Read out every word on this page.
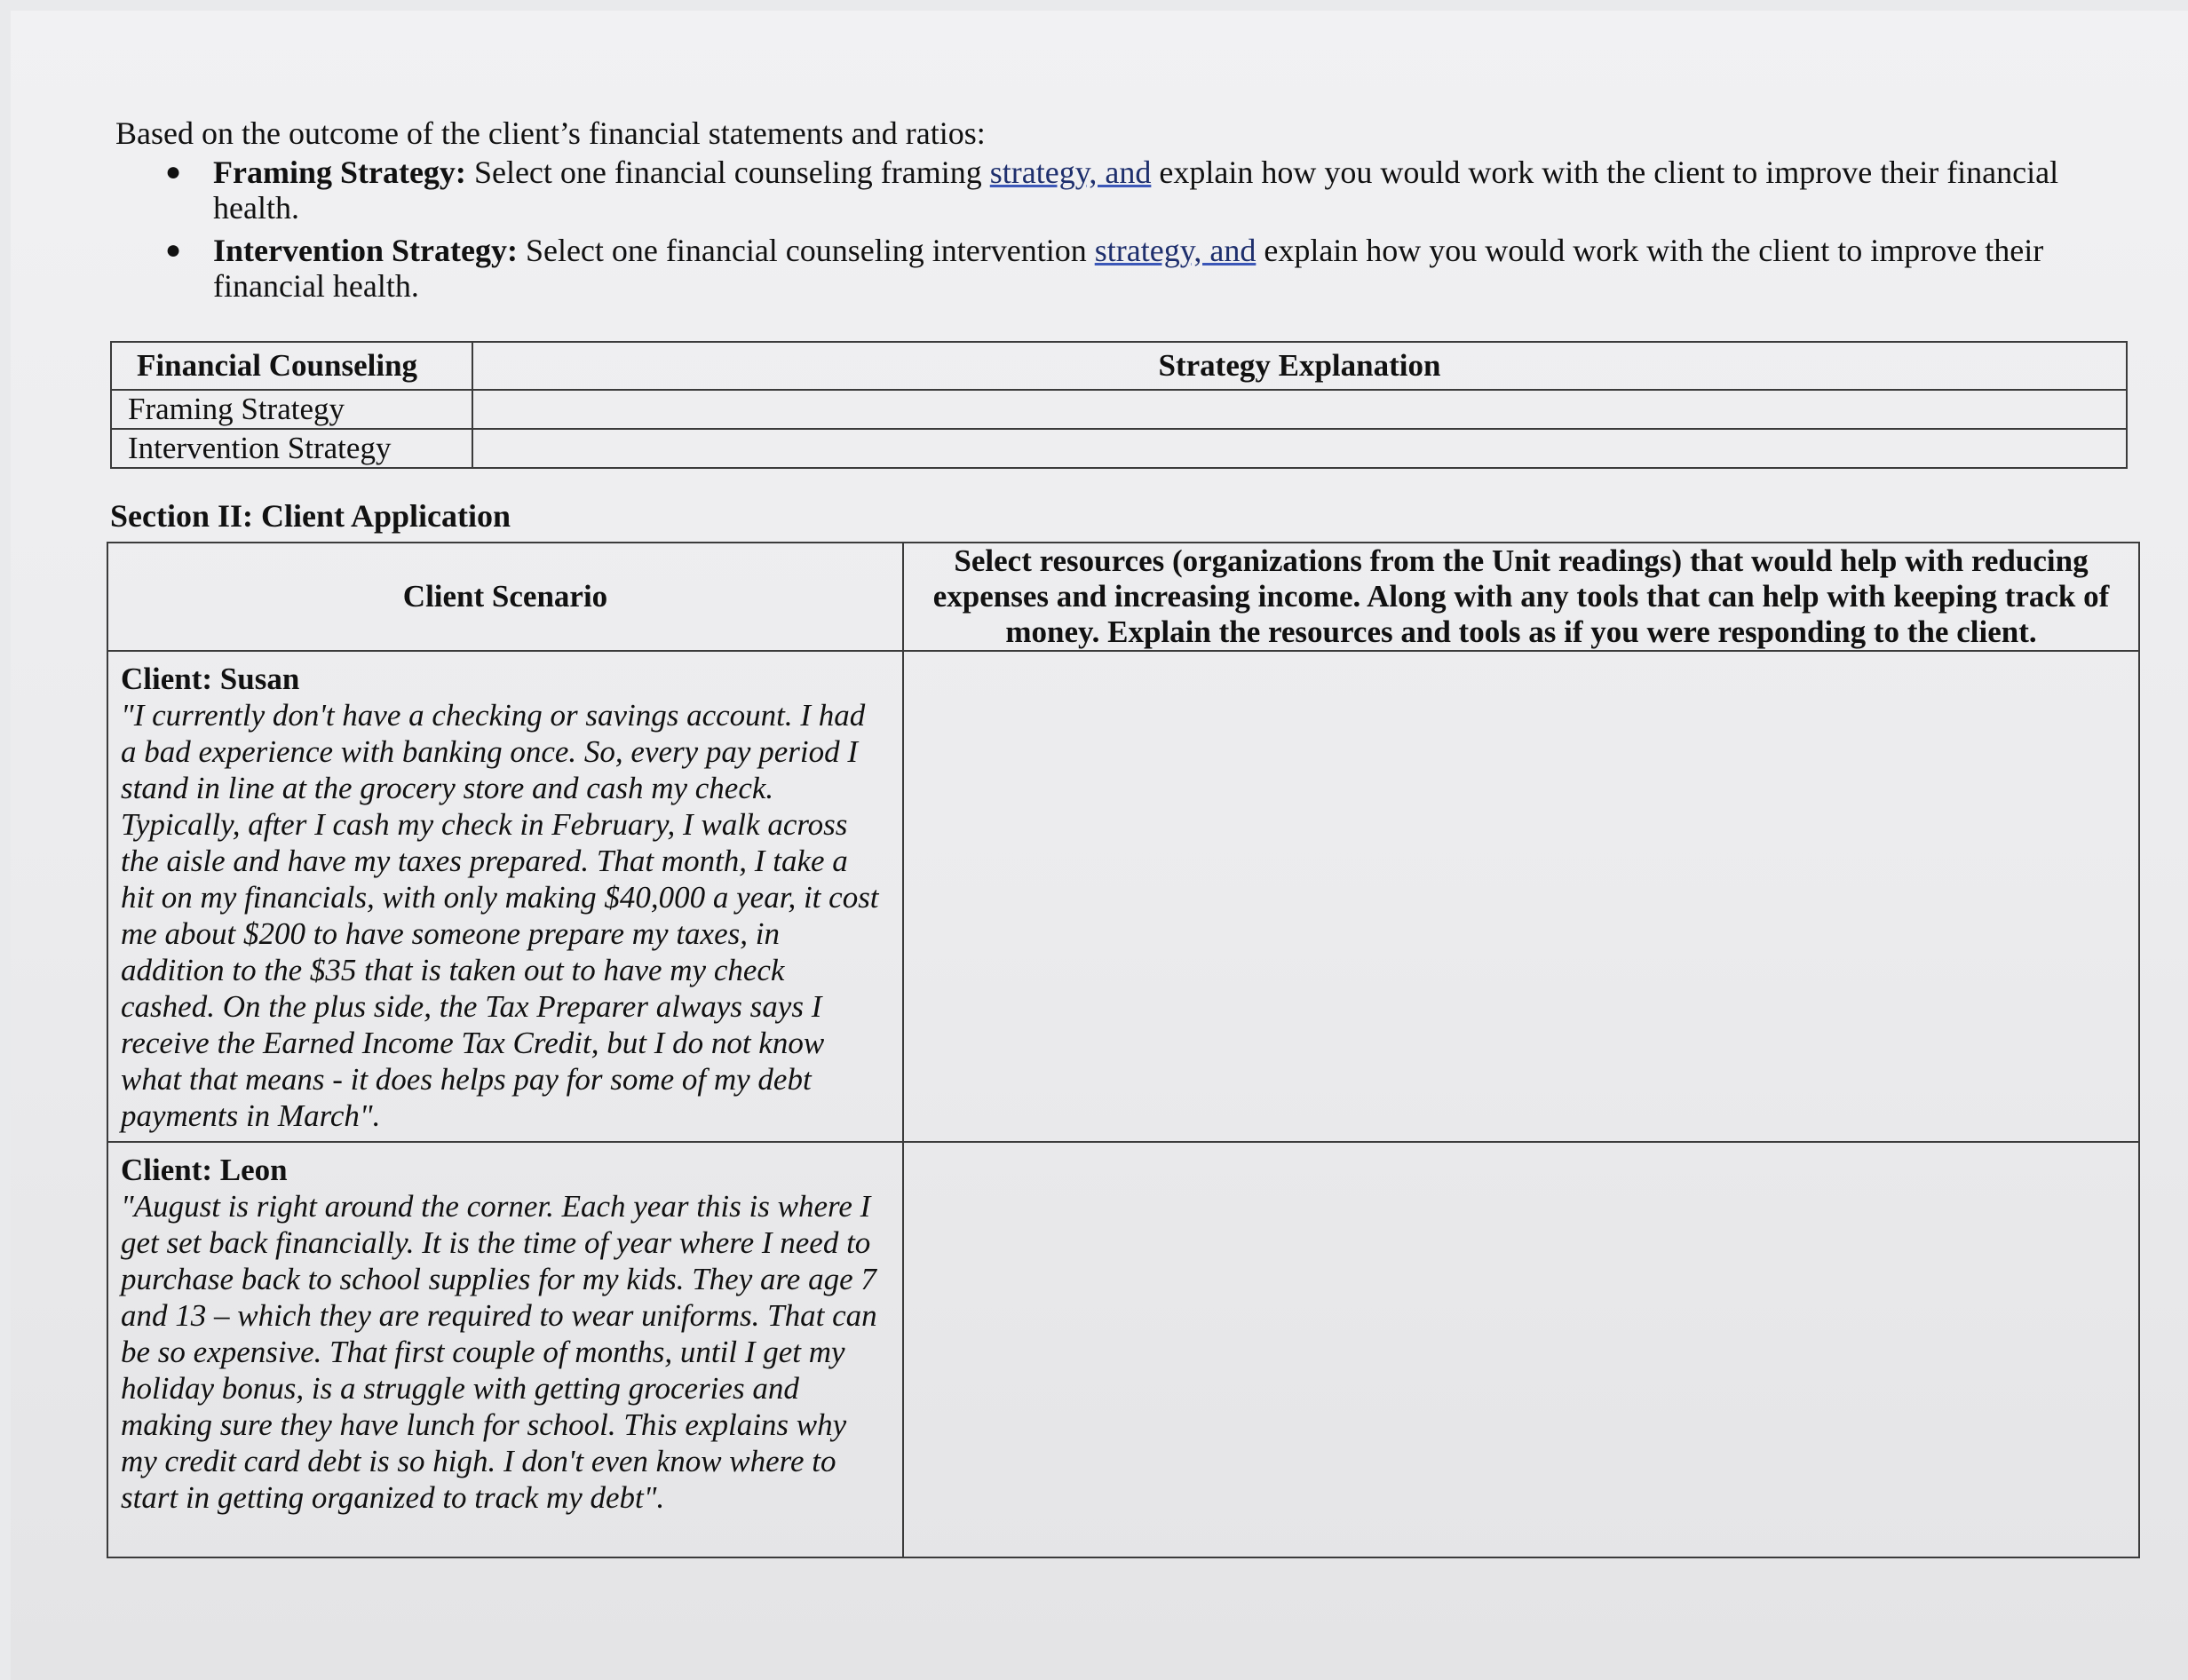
Based on the outcome of the client’s financial statements and ratios:

● Framing Strategy: Select one financial counseling framing strategy, and explain how you would work with the client to improve their financial health.
● Intervention Strategy: Select one financial counseling intervention strategy, and explain how you would work with the client to improve their financial health.
Financial Counseling	Strategy Explanation
Framing Strategy	
Intervention Strategy	
Section II: Client Application
Client Scenario	Select resources (organizations from the Unit readings) that would help with reducing expenses and increasing income. Along with any tools that can help with keeping track of money. Explain the resources and tools as if you were responding to the client.

Client: Susan
"I currently don't have a checking or savings account. I had a bad experience with banking once. So, every pay period I stand in line at the grocery store and cash my check. Typically, after I cash my check in February, I walk across the aisle and have my taxes prepared. That month, I take a hit on my financials, with only making $40,000 a year, it cost me about $200 to have someone prepare my taxes, in addition to the $35 that is taken out to have my check cashed. On the plus side, the Tax Preparer always says I receive the Earned Income Tax Credit, but I do not know what that means - it does helps pay for some of my debt payments in March".	

Client: Leon
"August is right around the corner. Each year this is where I get set back financially. It is the time of year where I need to purchase back to school supplies for my kids. They are age 7 and 13 – which they are required to wear uniforms. That can be so expensive. That first couple of months, until I get my holiday bonus, is a struggle with getting groceries and making sure they have lunch for school. This explains why my credit card debt is so high. I don't even know where to start in getting organized to track my debt".	
